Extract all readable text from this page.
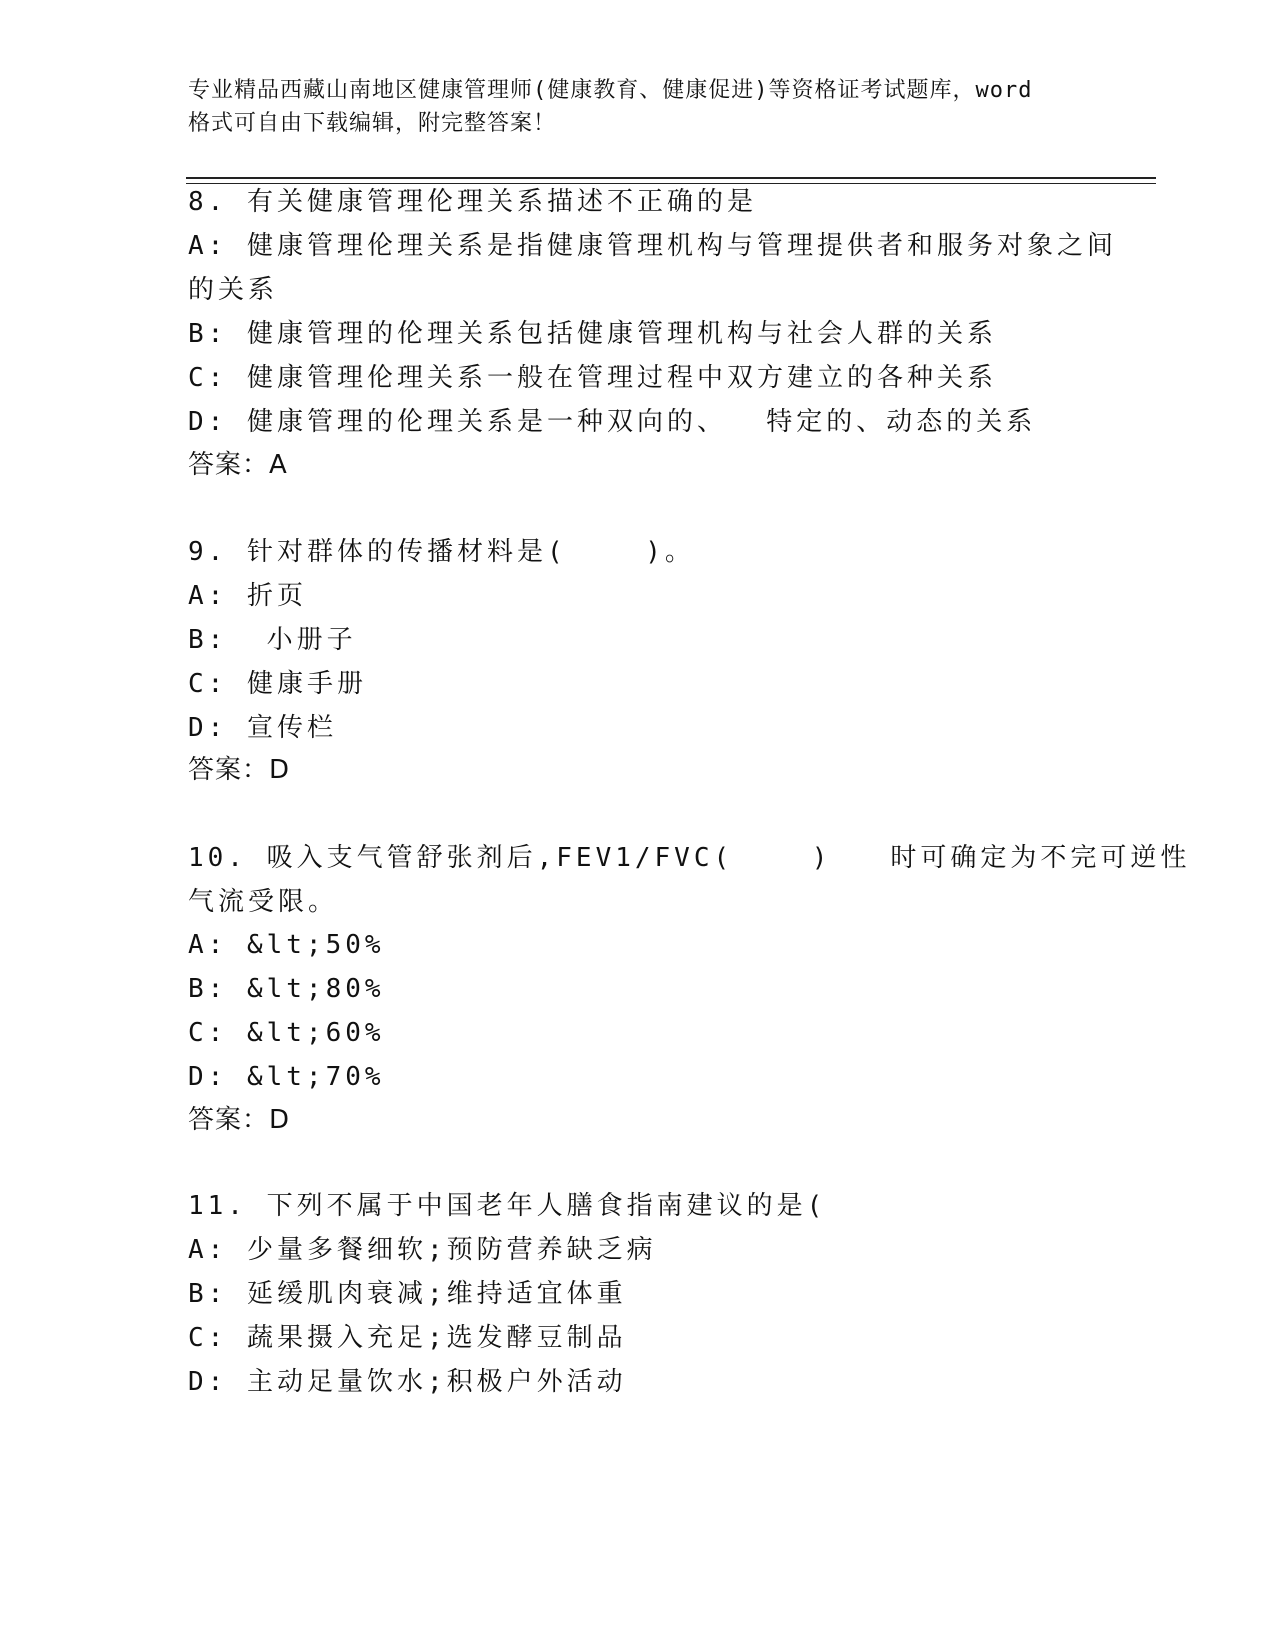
专业精品西藏山南地区健康管理师(健康教育、健康促进)等资格证考试题库，word
格式可自由下载编辑，附完整答案！
8. 有关健康管理伦理关系描述不正确的是
A: 健康管理伦理关系是指健康管理机构与管理提供者和服务对象之间
的关系
B: 健康管理的伦理关系包括健康管理机构与社会人群的关系
C: 健康管理伦理关系一般在管理过程中双方建立的各种关系
D: 健康管理的伦理关系是一种双向的、  特定的、动态的关系
答案：A
9. 针对群体的传播材料是(    )。
A: 折页
B:  小册子
C: 健康手册
D: 宣传栏
答案：D
10. 吸入支气管舒张剂后,FEV1/FVC(    )   时可确定为不完可逆性
气流受限。
A: &lt;50%
B: &lt;80%
C: &lt;60%
D: &lt;70%
答案：D
11. 下列不属于中国老年人膳食指南建议的是(
A: 少量多餐细软;预防营养缺乏病
B: 延缓肌肉衰减;维持适宜体重
C: 蔬果摄入充足;选发酵豆制品
D: 主动足量饮水;积极户外活动
